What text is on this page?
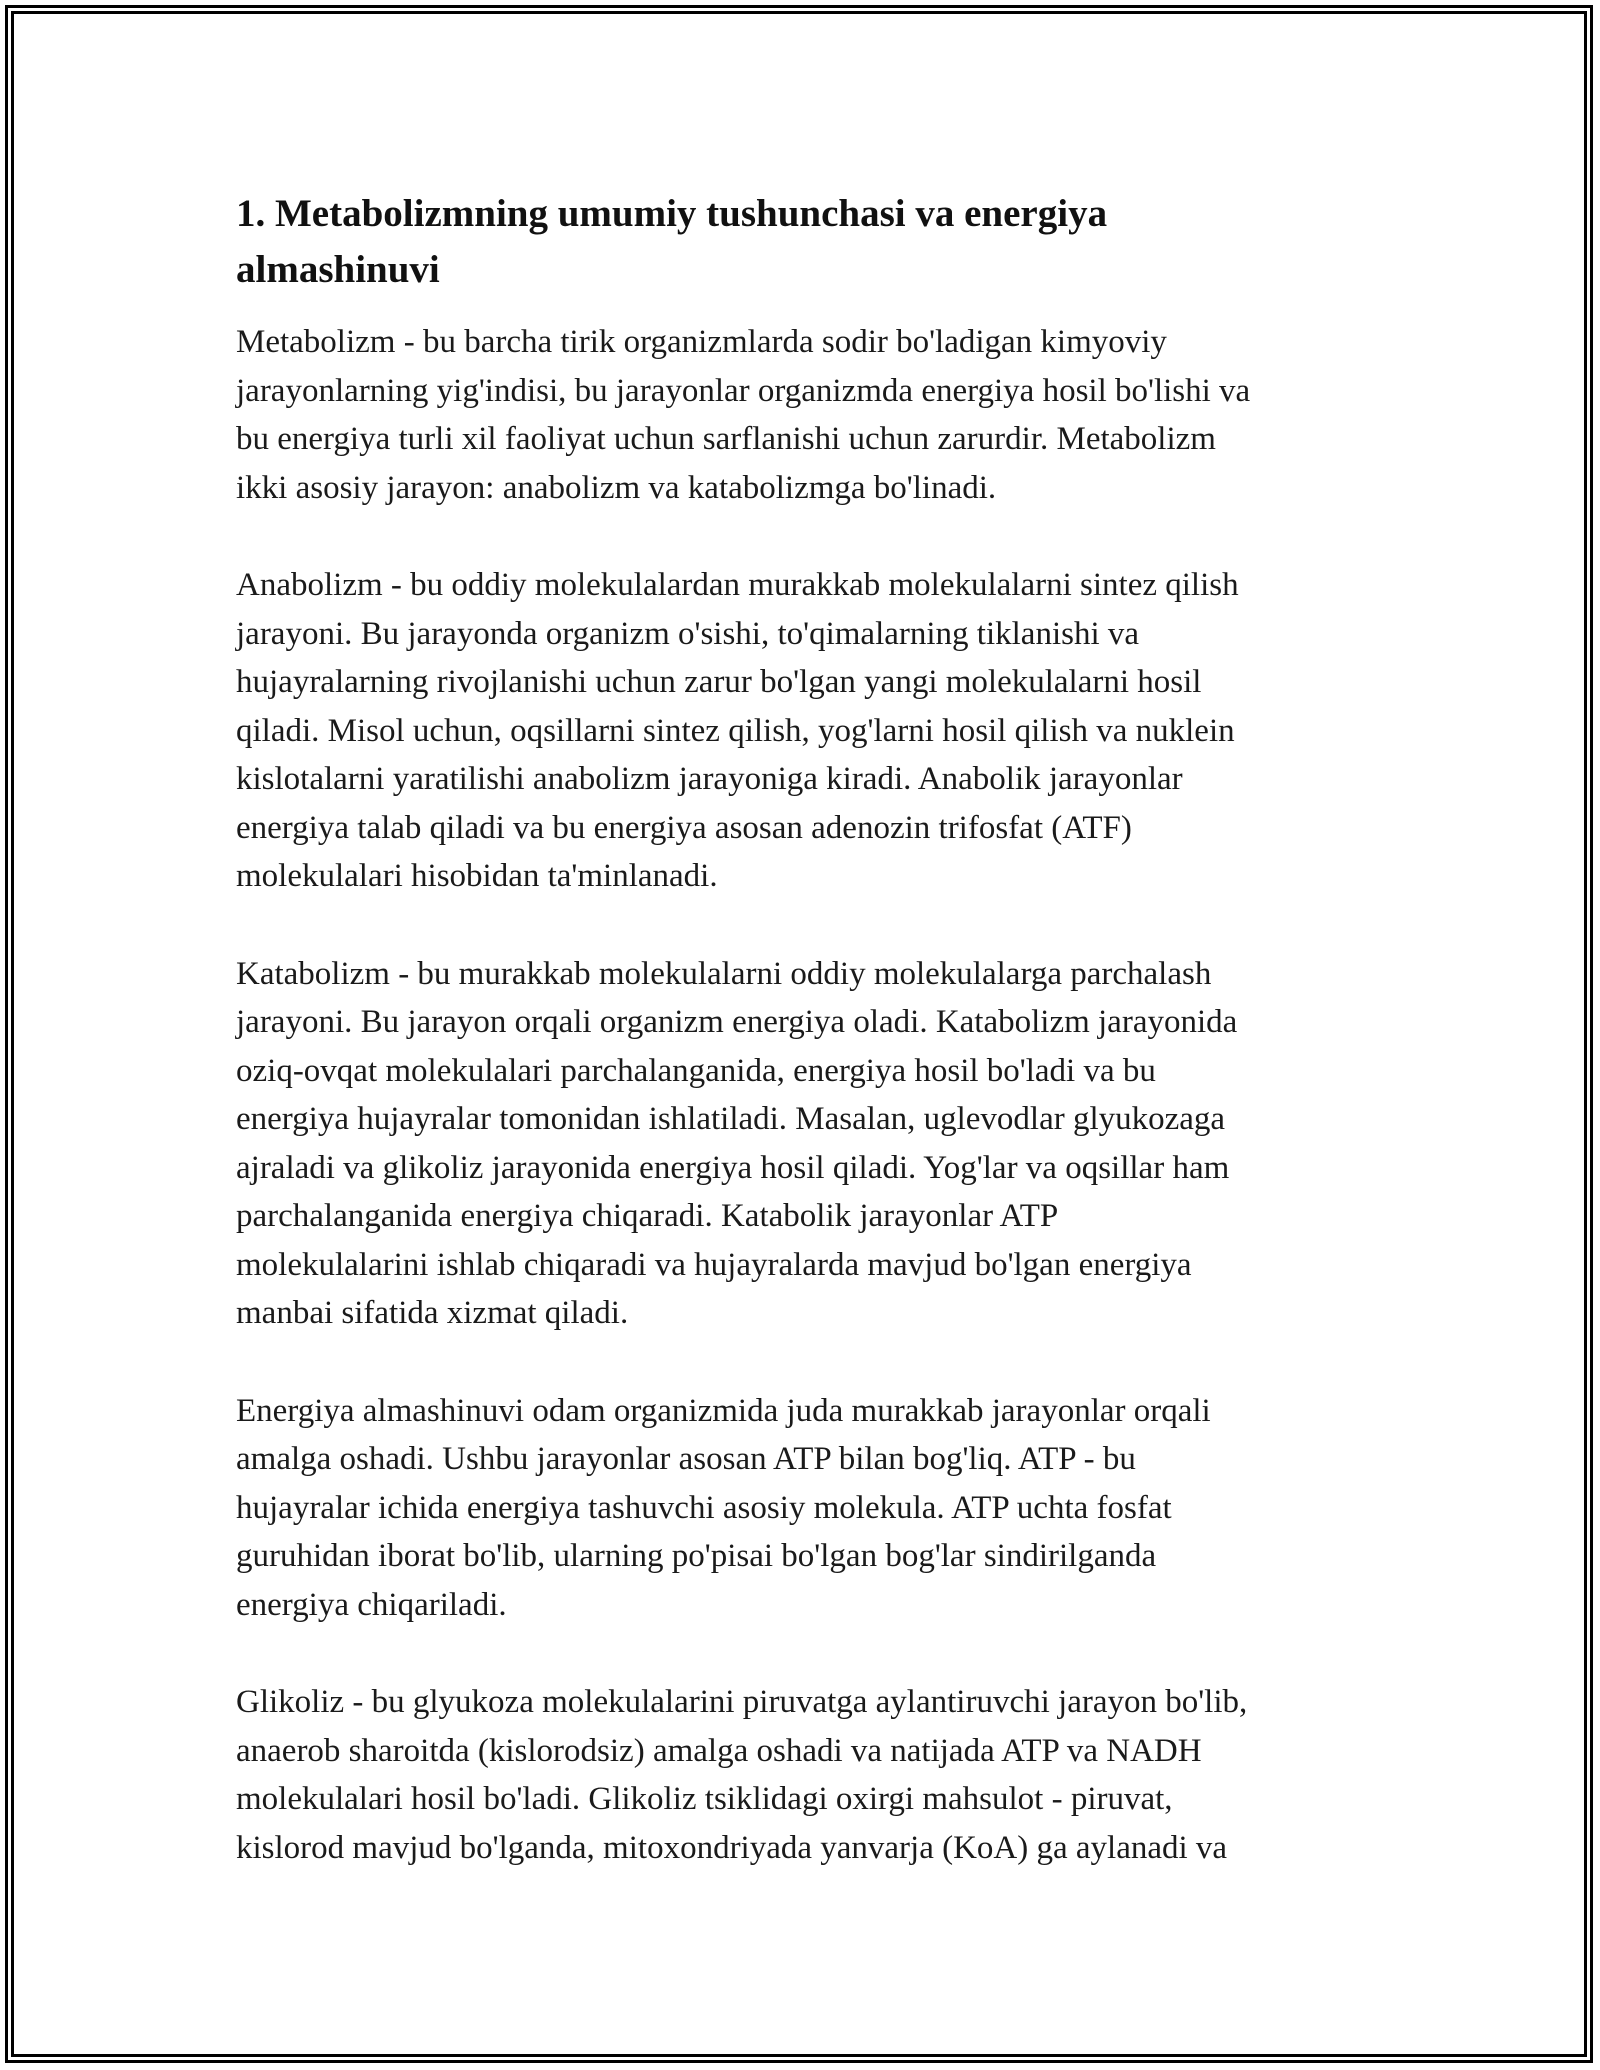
1. Metabolizmning umumiy tushunchasi va energiya
almashinuvi

Metabolizm - bu barcha tirik organizmlarda sodir bo'ladigan kimyoviy
jarayonlarning yig'indisi, bu jarayonlar organizmda energiya hosil bo'lishi va
bu energiya turli xil faoliyat uchun sarflanishi uchun zarurdir. Metabolizm
ikki asosiy jarayon: anabolizm va katabolizmga bo'linadi.

Anabolizm - bu oddiy molekulalardan murakkab molekulalarni sintez qilish
jarayoni. Bu jarayonda organizm o'sishi, to'qimalarning tiklanishi va
hujayralarning rivojlanishi uchun zarur bo'lgan yangi molekulalarni hosil
qiladi. Misol uchun, oqsillarni sintez qilish, yog'larni hosil qilish va nuklein
kislotalarni yaratilishi anabolizm jarayoniga kiradi. Anabolik jarayonlar
energiya talab qiladi va bu energiya asosan adenozin trifosfat (ATF)
molekulalari hisobidan ta'minlanadi.

Katabolizm - bu murakkab molekulalarni oddiy molekulalarga parchalash
jarayoni. Bu jarayon orqali organizm energiya oladi. Katabolizm jarayonida
oziq-ovqat molekulalari parchalanganida, energiya hosil bo'ladi va bu
energiya hujayralar tomonidan ishlatiladi. Masalan, uglevodlar glyukozaga
ajraladi va glikoliz jarayonida energiya hosil qiladi. Yog'lar va oqsillar ham
parchalanganida energiya chiqaradi. Katabolik jarayonlar ATP
molekulalarini ishlab chiqaradi va hujayralarda mavjud bo'lgan energiya
manbai sifatida xizmat qiladi.

Energiya almashinuvi odam organizmida juda murakkab jarayonlar orqali
amalga oshadi. Ushbu jarayonlar asosan ATP bilan bog'liq. ATP - bu
hujayralar ichida energiya tashuvchi asosiy molekula. ATP uchta fosfat
guruhidan iborat bo'lib, ularning po'pisai bo'lgan bog'lar sindirilganda
energiya chiqariladi.

Glikoliz - bu glyukoza molekulalarini piruvatga aylantiruvchi jarayon bo'lib,
anaerob sharoitda (kislorodsiz) amalga oshadi va natijada ATP va NADH
molekulalari hosil bo'ladi. Glikoliz tsiklidagi oxirgi mahsulot - piruvat,
kislorod mavjud bo'lganda, mitoxondriyada yanvarja (KoA) ga aylanadi va
